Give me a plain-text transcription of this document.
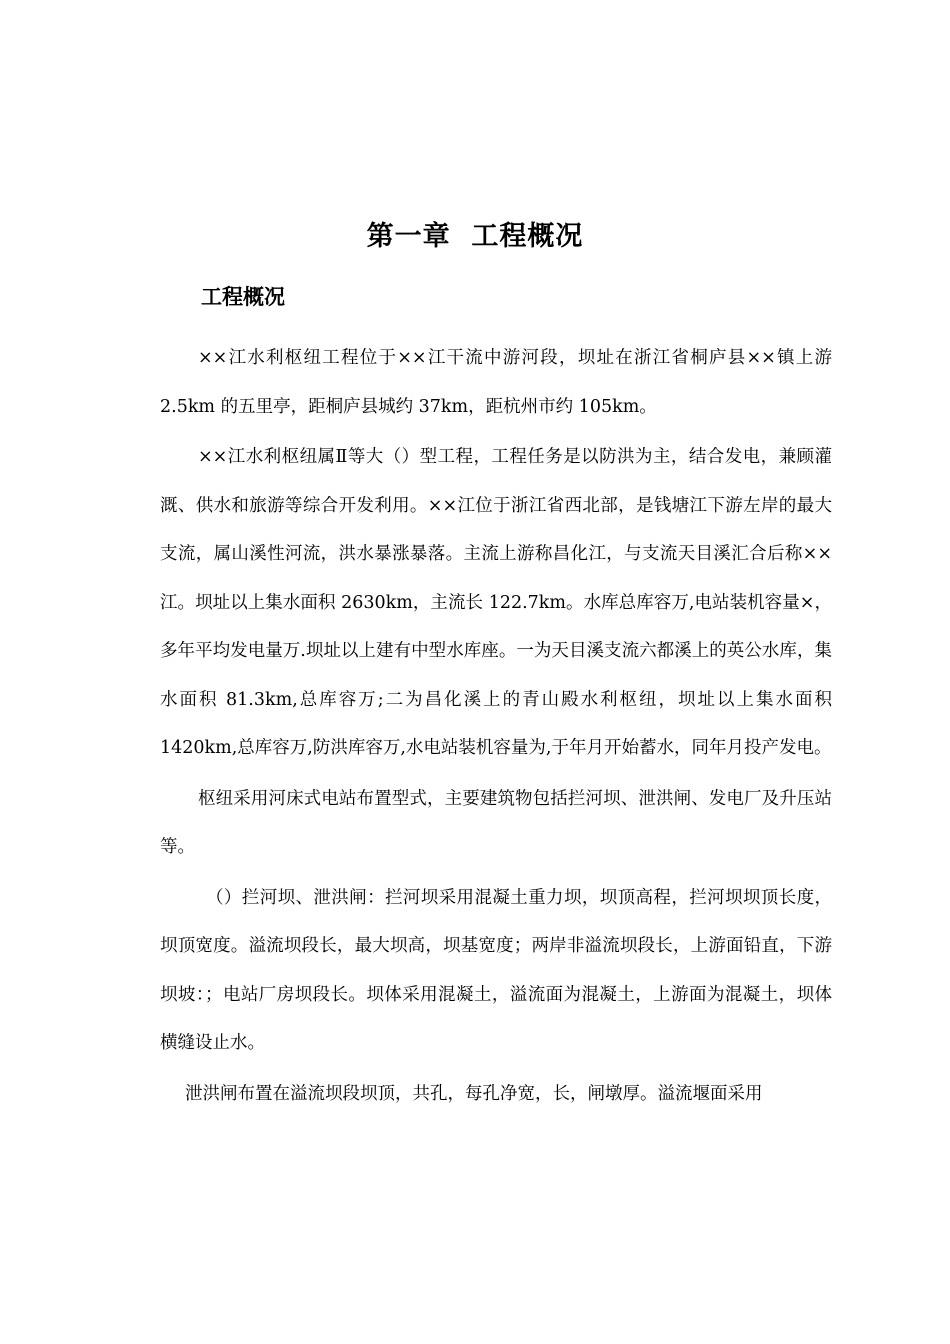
第一章  工程概况
工程概况

××江水利枢纽工程位于××江干流中游河段，坝址在浙江省桐庐县××镇上游 2.5km 的五里亭，距桐庐县城约 37km，距杭州市约 105km。

××江水利枢纽属Ⅱ等大（）型工程，工程任务是以防洪为主，结合发电，兼顾灌溉、供水和旅游等综合开发利用。××江位于浙江省西北部，是钱塘江下游左岸的最大支流，属山溪性河流，洪水暴涨暴落。主流上游称昌化江，与支流天目溪汇合后称××江。坝址以上集水面积 2630km，主流长 122.7km。水库总库容万,电站装机容量×，多年平均发电量万.坝址以上建有中型水库座。一为天目溪支流六都溪上的英公水库，集水面积 81.3km,总库容万;二为昌化溪上的青山殿水利枢纽，坝址以上集水面积 1420km,总库容万,防洪库容万,水电站装机容量为,于年月开始蓄水，同年月投产发电。

枢纽采用河床式电站布置型式，主要建筑物包括拦河坝、泄洪闸、发电厂及升压站等。

（）拦河坝、泄洪闸：拦河坝采用混凝土重力坝，坝顶高程，拦河坝坝顶长度，坝顶宽度。溢流坝段长，最大坝高，坝基宽度；两岸非溢流坝段长，上游面铅直，下游坝坡：；电站厂房坝段长。坝体采用混凝土，溢流面为混凝土，上游面为混凝土，坝体横缝设止水。

泄洪闸布置在溢流坝段坝顶，共孔，每孔净宽，长，闸墩厚。溢流堰面采用
